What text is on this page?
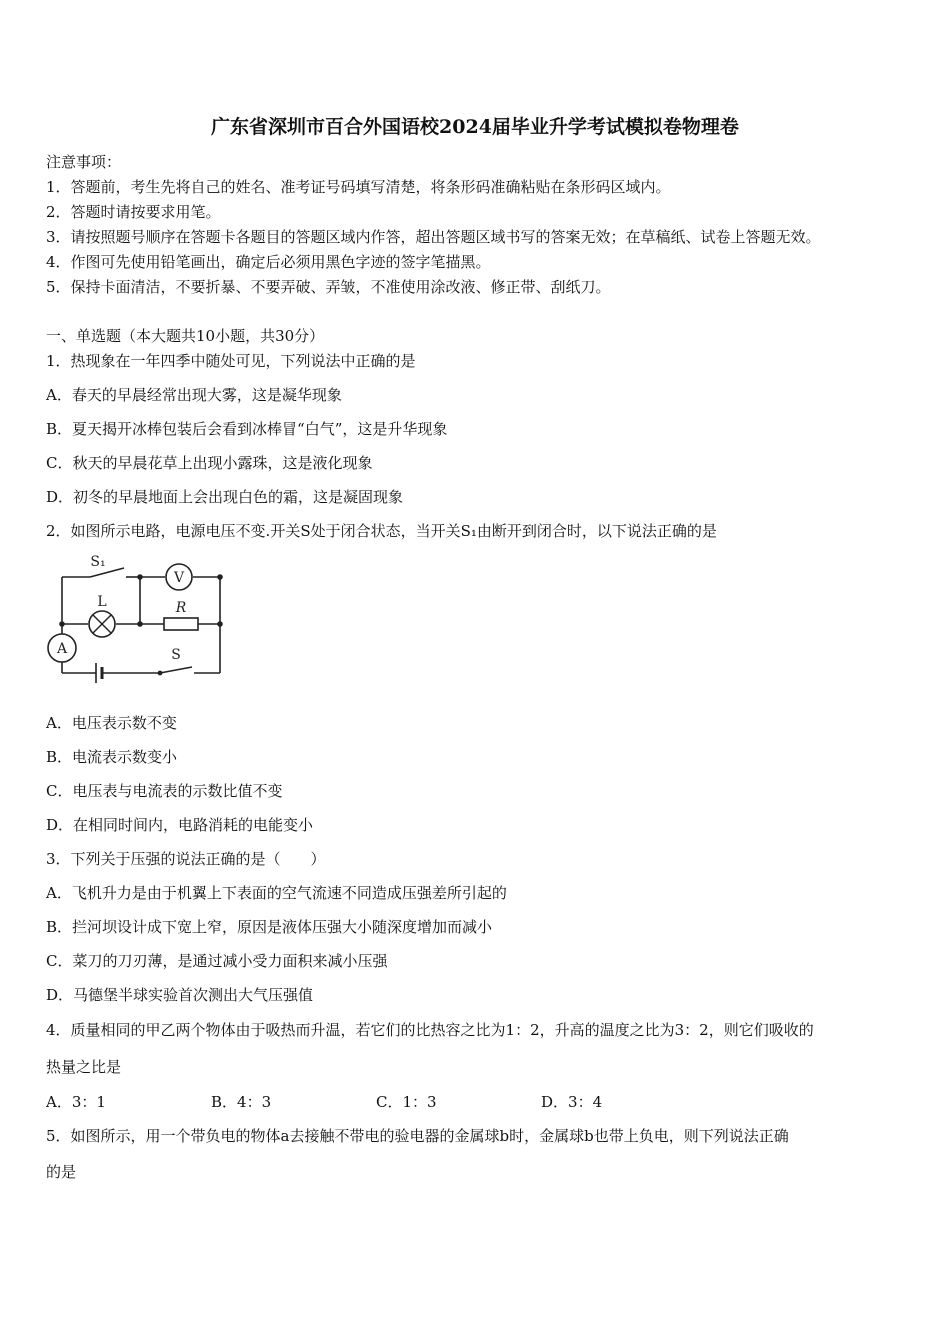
广东省深圳市百合外国语校2024届毕业升学考试模拟卷物理卷
注意事项：
1．答题前，考生先将自己的姓名、准考证号码填写清楚，将条形码准确粘贴在条形码区域内。
2．答题时请按要求用笔。
3．请按照题号顺序在答题卡各题目的答题区域内作答，超出答题区域书写的答案无效；在草稿纸、试卷上答题无效。
4．作图可先使用铅笔画出，确定后必须用黑色字迹的签字笔描黑。
5．保持卡面清洁，不要折暴、不要弄破、弄皱，不准使用涂改液、修正带、刮纸刀。
一、单选题（本大题共10小题，共30分）
1．热现象在一年四季中随处可见，下列说法中正确的是
A．春天的早晨经常出现大雾，这是凝华现象
B．夏天揭开冰棒包装后会看到冰棒冒“白气”，这是升华现象
C．秋天的早晨花草上出现小露珠，这是液化现象
D．初冬的早晨地面上会出现白色的霜，这是凝固现象
2．如图所示电路，电源电压不变.开关S处于闭合状态，当开关S₁由断开到闭合时，以下说法正确的是
V
L	R
A
S₁
S
A．电压表示数不变
B．电流表示数变小
C．电压表与电流表的示数比值不变
D．在相同时间内，电路消耗的电能变小
3．下列关于压强的说法正确的是（　　）
A．飞机升力是由于机翼上下表面的空气流速不同造成压强差所引起的
B．拦河坝设计成下宽上窄，原因是液体压强大小随深度增加而减小
C．菜刀的刀刃薄，是通过减小受力面积来减小压强
D．马德堡半球实验首次测出大气压强值
4．质量相同的甲乙两个物体由于吸热而升温，若它们的比热容之比为1：2，升高的温度之比为3：2，则它们吸收的
热量之比是
A．3：1	B．4：3	C．1：3	D．3：4
5．如图所示，用一个带负电的物体a去接触不带电的验电器的金属球b时，金属球b也带上负电，则下列说法正确
的是
